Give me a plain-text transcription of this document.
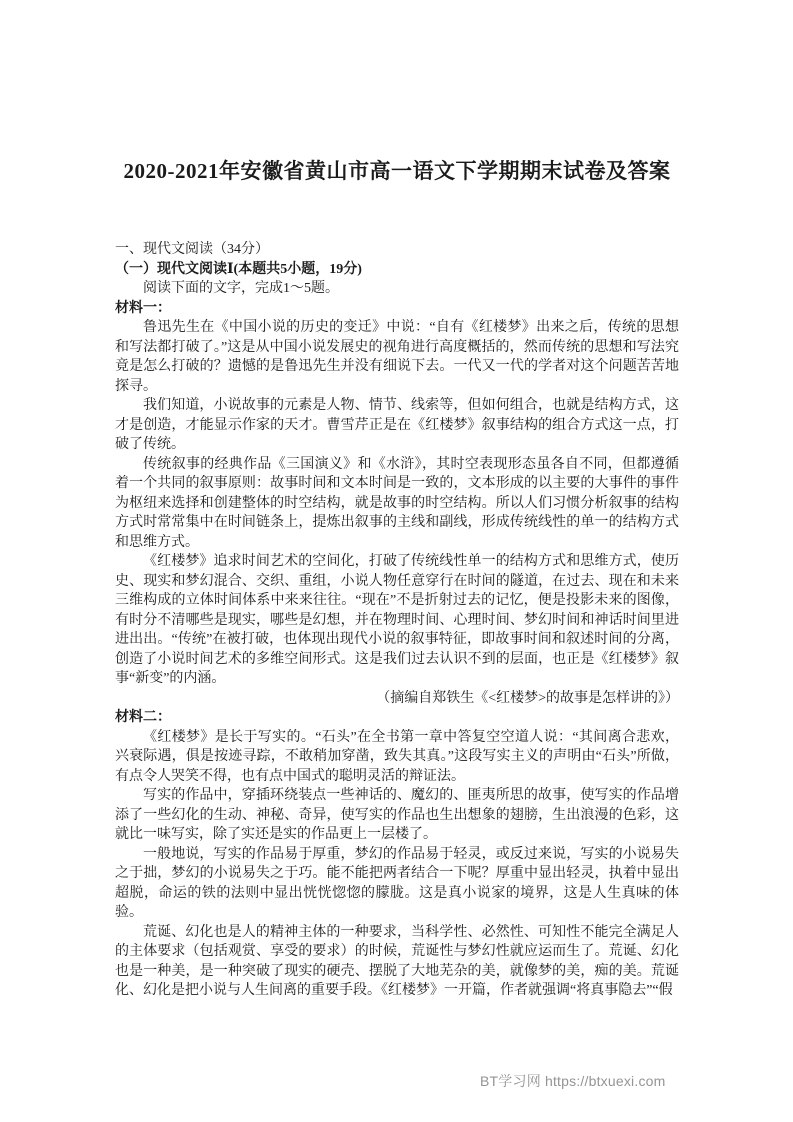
2020-2021年安徽省黄山市高一语文下学期期末试卷及答案

一、现代文阅读（34分）

（一）现代文阅读Ⅰ(本题共5小题，19分)

阅读下面的文字，完成1～5题。

材料一：

鲁迅先生在《中国小说的历史的变迁》中说：“自有《红楼梦》出来之后，传统的思想和写法都打破了。”这是从中国小说发展史的视角进行高度概括的，然而传统的思想和写法究竟是怎么打破的？遗憾的是鲁迅先生并没有细说下去。一代又一代的学者对这个问题苦苦地探寻。

我们知道，小说故事的元素是人物、情节、线索等，但如何组合，也就是结构方式，这才是创造，才能显示作家的天才。曹雪芹正是在《红楼梦》叙事结构的组合方式这一点，打破了传统。

传统叙事的经典作品《三国演义》和《水浒》，其时空表现形态虽各自不同，但都遵循着一个共同的叙事原则：故事时间和文本时间是一致的，文本形成的以主要的大事件的事件为枢纽来选择和创建整体的时空结构，就是故事的时空结构。所以人们习惯分析叙事的结构方式时常常集中在时间链条上，提炼出叙事的主线和副线，形成传统线性的单一的结构方式和思维方式。

《红楼梦》追求时间艺术的空间化，打破了传统线性单一的结构方式和思维方式，使历史、现实和梦幻混合、交织、重组，小说人物任意穿行在时间的隧道，在过去、现在和未来三维构成的立体时间体系中来来往往。“现在”不是折射过去的记忆，便是投影未来的图像，有时分不清哪些是现实，哪些是幻想，并在物理时间、心理时间、梦幻时间和神话时间里进进出出。“传统”在被打破，也体现出现代小说的叙事特征，即故事时间和叙述时间的分离，创造了小说时间艺术的多维空间形式。这是我们过去认识不到的层面，也正是《红楼梦》叙事“新变”的内涵。

（摘编自郑铁生《<红楼梦>的故事是怎样讲的》）

材料二：

《红楼梦》是长于写实的。“石头”在全书第一章中答复空空道人说：“其间离合悲欢，兴衰际遇，俱是按迹寻踪，不敢稍加穿凿，致失其真。”这段写实主义的声明由“石头”所做，有点令人哭笑不得，也有点中国式的聪明灵活的辩证法。

写实的作品中，穿插环绕装点一些神话的、魔幻的、匪夷所思的故事，使写实的作品增添了一些幻化的生动、神秘、奇异，使写实的作品也生出想象的翅膀，生出浪漫的色彩，这就比一味写实，除了实还是实的作品更上一层楼了。

一般地说，写实的作品易于厚重，梦幻的作品易于轻灵，或反过来说，写实的小说易失之于拙，梦幻的小说易失之于巧。能不能把两者结合一下呢？厚重中显出轻灵，执着中显出超脱，命运的铁的法则中显出恍恍惚惚的朦胧。这是真小说家的境界，这是人生真味的体验。

荒诞、幻化也是人的精神主体的一种要求，当科学性、必然性、可知性不能完全满足人的主体要求（包括观赏、享受的要求）的时候，荒诞性与梦幻性就应运而生了。荒诞、幻化也是一种美，是一种突破了现实的硬壳、摆脱了大地芜杂的美，就像梦的美，痴的美。荒诞化、幻化是把小说与人生间离的重要手段。《红楼梦》一开篇，作者就强调“将真事隐去”“假

BT学习网 https://btxuexi.com
